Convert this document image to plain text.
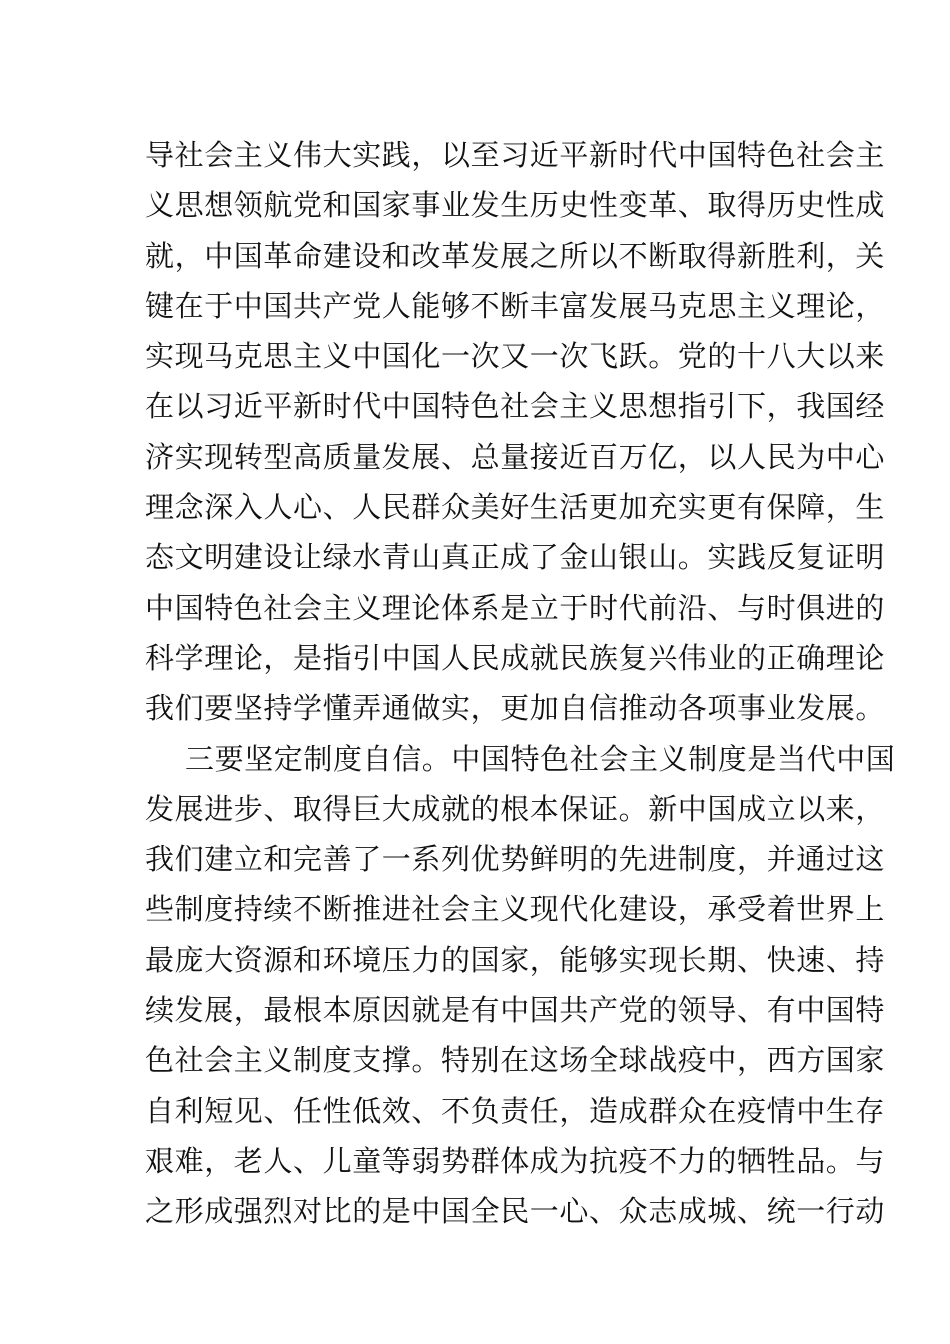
导社会主义伟大实践，以至习近平新时代中国特色社会主
义思想领航党和国家事业发生历史性变革、取得历史性成
就，中国革命建设和改革发展之所以不断取得新胜利，关
键在于中国共产党人能够不断丰富发展马克思主义理论，
实现马克思主义中国化一次又一次飞跃。党的十八大以来
在以习近平新时代中国特色社会主义思想指引下，我国经
济实现转型高质量发展、总量接近百万亿，以人民为中心
理念深入人心、人民群众美好生活更加充实更有保障，生
态文明建设让绿水青山真正成了金山银山。实践反复证明
中国特色社会主义理论体系是立于时代前沿、与时俱进的
科学理论，是指引中国人民成就民族复兴伟业的正确理论
我们要坚持学懂弄通做实，更加自信推动各项事业发展。
三要坚定制度自信。中国特色社会主义制度是当代中国
发展进步、取得巨大成就的根本保证。新中国成立以来，
我们建立和完善了一系列优势鲜明的先进制度，并通过这
些制度持续不断推进社会主义现代化建设，承受着世界上
最庞大资源和环境压力的国家，能够实现长期、快速、持
续发展，最根本原因就是有中国共产党的领导、有中国特
色社会主义制度支撑。特别在这场全球战疫中，西方国家
自利短见、任性低效、不负责任，造成群众在疫情中生存
艰难，老人、儿童等弱势群体成为抗疫不力的牺牲品。与
之形成强烈对比的是中国全民一心、众志成城、统一行动
